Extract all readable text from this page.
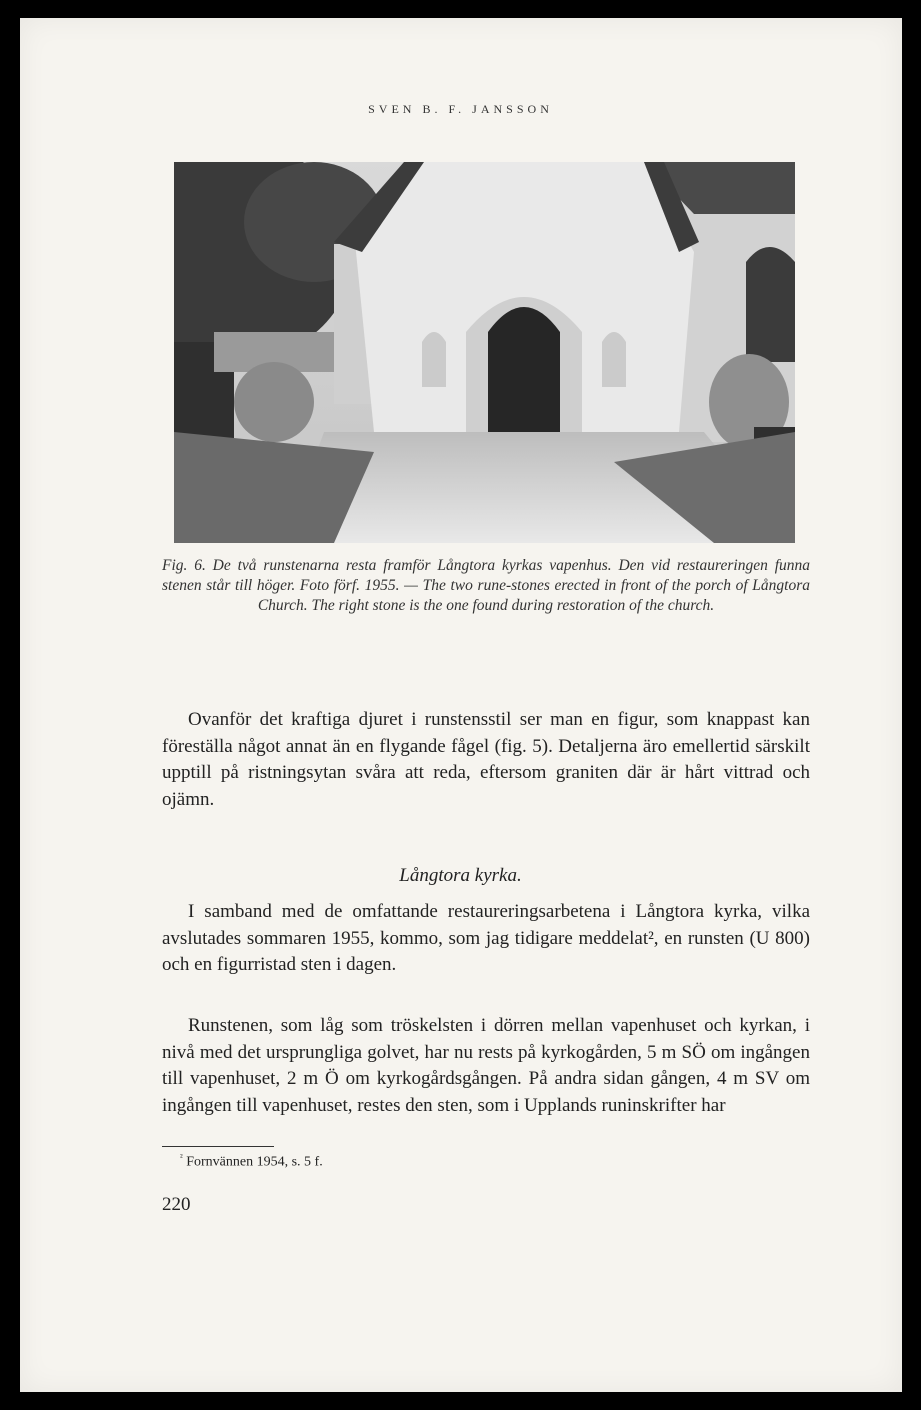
SVEN B. F. JANSSON
Fig. 6. De två runstenarna resta framför Långtora kyrkas vapenhus. Den vid restaureringen funna stenen står till höger. Foto förf. 1955. — The two rune-stones erected in front of the porch of Långtora Church. The right stone is the one found during restoration of the church.

Ovanför det kraftiga djuret i runstensstil ser man en figur, som knappast kan föreställa något annat än en flygande fågel (fig. 5). Detaljerna äro emellertid särskilt upptill på ristningsytan svåra att reda, eftersom graniten där är hårt vittrad och ojämn.

Långtora kyrka.

I samband med de omfattande restaureringsarbetena i Långtora kyrka, vilka avslutades sommaren 1955, kommo, som jag tidigare meddelat², en runsten (U 800) och en figurristad sten i dagen.

Runstenen, som låg som tröskelsten i dörren mellan vapenhuset och kyrkan, i nivå med det ursprungliga golvet, har nu rests på kyrkogården, 5 m SÖ om ingången till vapenhuset, 2 m Ö om kyrkogårdsgången. På andra sidan gången, 4 m SV om ingången till vapenhuset, restes den sten, som i Upplands runinskrifter har

$^{^2}$ Fornvännen 1954, s. 5 f.
220
